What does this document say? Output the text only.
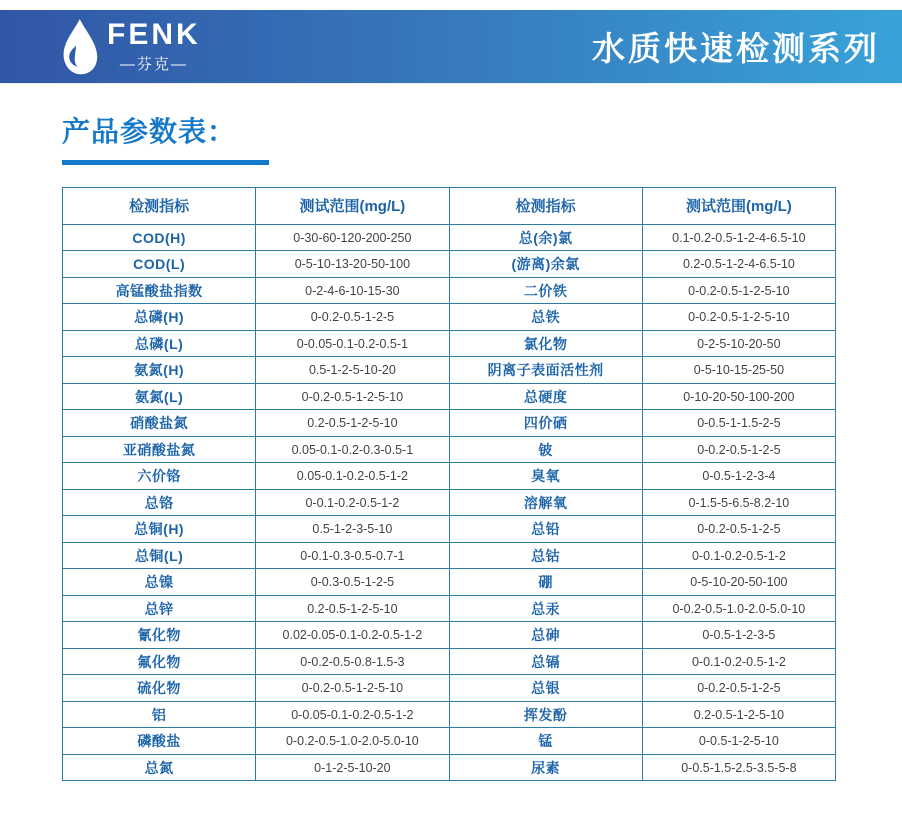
FENK
—芬克—	水质快速检测系列
产品参数表：
检测指标	测试范围(mg/L)	检测指标	测试范围(mg/L)
COD(H)	0-30-60-120-200-250	总(余)氯	0.1-0.2-0.5-1-2-4-6.5-10
COD(L)	0-5-10-13-20-50-100	(游离)余氯	0.2-0.5-1-2-4-6.5-10
高锰酸盐指数	0-2-4-6-10-15-30	二价铁	0-0.2-0.5-1-2-5-10
总磷(H)	0-0.2-0.5-1-2-5	总铁	0-0.2-0.5-1-2-5-10
总磷(L)	0-0.05-0.1-0.2-0.5-1	氯化物	0-2-5-10-20-50
氨氮(H)	0.5-1-2-5-10-20	阴离子表面活性剂	0-5-10-15-25-50
氨氮(L)	0-0.2-0.5-1-2-5-10	总硬度	0-10-20-50-100-200
硝酸盐氮	0.2-0.5-1-2-5-10	四价硒	0-0.5-1-1.5-2-5
亚硝酸盐氮	0.05-0.1-0.2-0.3-0.5-1	铍	0-0.2-0.5-1-2-5
六价铬	0.05-0.1-0.2-0.5-1-2	臭氧	0-0.5-1-2-3-4
总铬	0-0.1-0.2-0.5-1-2	溶解氧	0-1.5-5-6.5-8.2-10
总铜(H)	0.5-1-2-3-5-10	总铅	0-0.2-0.5-1-2-5
总铜(L)	0-0.1-0.3-0.5-0.7-1	总钴	0-0.1-0.2-0.5-1-2
总镍	0-0.3-0.5-1-2-5	硼	0-5-10-20-50-100
总锌	0.2-0.5-1-2-5-10	总汞	0-0.2-0.5-1.0-2.0-5.0-10
氰化物	0.02-0.05-0.1-0.2-0.5-1-2	总砷	0-0.5-1-2-3-5
氟化物	0-0.2-0.5-0.8-1.5-3	总镉	0-0.1-0.2-0.5-1-2
硫化物	0-0.2-0.5-1-2-5-10	总银	0-0.2-0.5-1-2-5
铝	0-0.05-0.1-0.2-0.5-1-2	挥发酚	0.2-0.5-1-2-5-10
磷酸盐	0-0.2-0.5-1.0-2.0-5.0-10	锰	0-0.5-1-2-5-10
总氮	0-1-2-5-10-20	尿素	0-0.5-1.5-2.5-3.5-5-8
